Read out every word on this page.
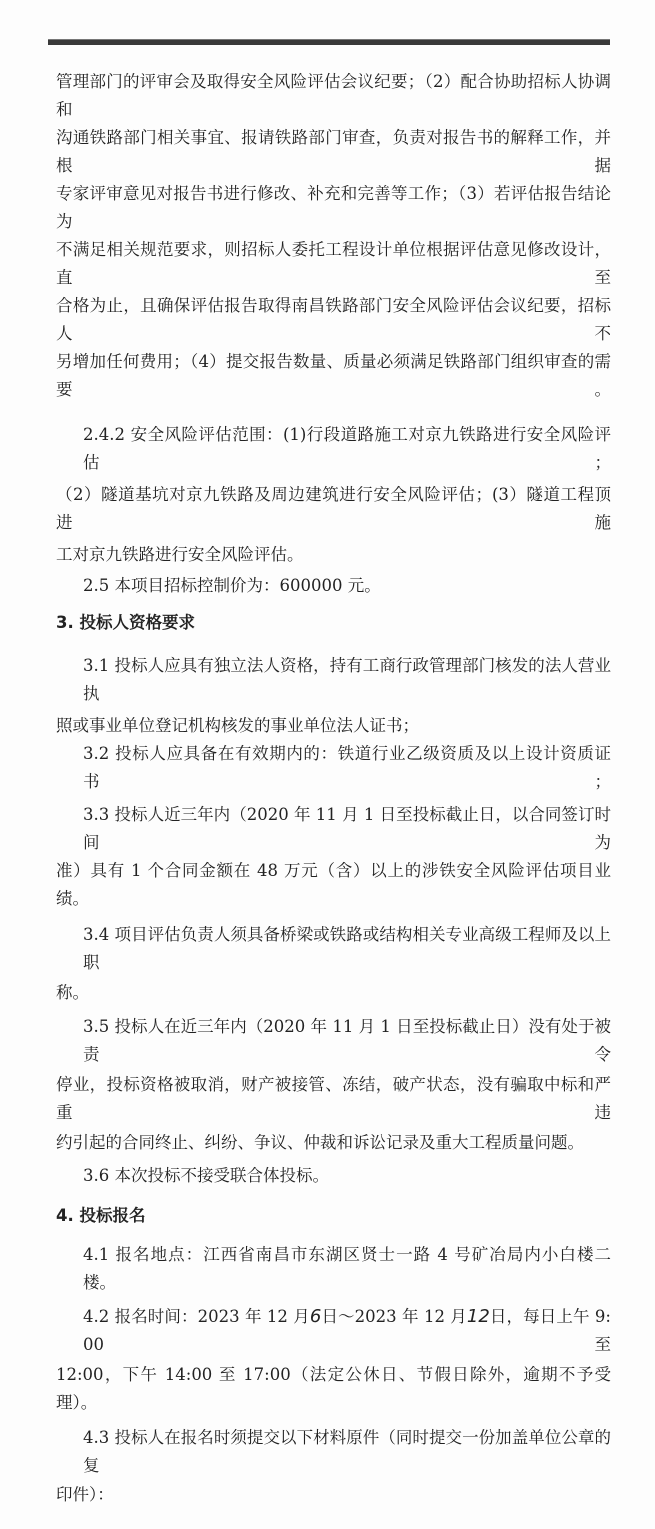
管理部门的评审会及取得安全风险评估会议纪要；（2）配合协助招标人协调和
沟通铁路部门相关事宜、报请铁路部门审查，负责对报告书的解释工作，并根据
专家评审意见对报告书进行修改、补充和完善等工作；（3）若评估报告结论为
不满足相关规范要求，则招标人委托工程设计单位根据评估意见修改设计，直至
合格为止，且确保评估报告取得南昌铁路部门安全风险评估会议纪要，招标人不
另增加任何费用；（4）提交报告数量、质量必须满足铁路部门组织审查的需要。
2.4.2 安全风险评估范围：(1)行段道路施工对京九铁路进行安全风险评估；
（2）隧道基坑对京九铁路及周边建筑进行安全风险评估；(3）隧道工程顶进施
工对京九铁路进行安全风险评估。
2.5 本项目招标控制价为：600000 元。
3. 投标人资格要求
3.1 投标人应具有独立法人资格，持有工商行政管理部门核发的法人营业执
照或事业单位登记机构核发的事业单位法人证书；
3.2 投标人应具备在有效期内的：铁道行业乙级资质及以上设计资质证书；
3.3 投标人近三年内（2020 年 11 月 1 日至投标截止日，以合同签订时间为
准）具有 1 个合同金额在 48 万元（含）以上的涉铁安全风险评估项目业绩。
3.4 项目评估负责人须具备桥梁或铁路或结构相关专业高级工程师及以上职
称。
3.5 投标人在近三年内（2020 年 11 月 1 日至投标截止日）没有处于被责令
停业，投标资格被取消，财产被接管、冻结，破产状态，没有骗取中标和严重违
约引起的合同终止、纠纷、争议、仲裁和诉讼记录及重大工程质量问题。
3.6 本次投标不接受联合体投标。
4. 投标报名
4.1 报名地点：江西省南昌市东湖区贤士一路 4 号矿冶局内小白楼二楼。
4.2 报名时间：2023 年 12 月6日～2023 年 12 月12日，每日上午 9:00 至
12:00，下午 14:00 至 17:00（法定公休日、节假日除外，逾期不予受理）。
4.3 投标人在报名时须提交以下材料原件（同时提交一份加盖单位公章的复
印件）：
